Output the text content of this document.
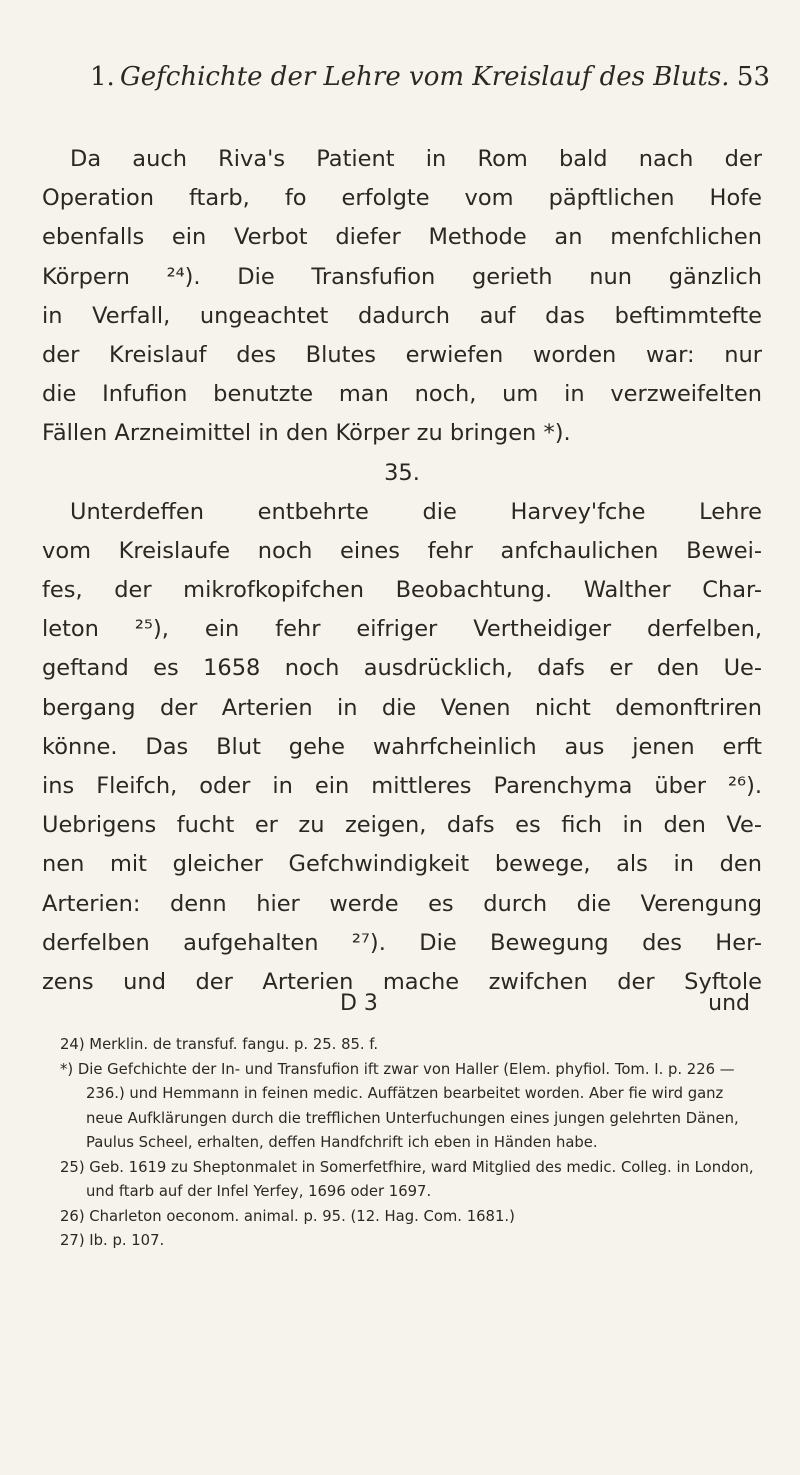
1. Gefchichte der Lehre vom Kreislauf des Bluts. 53
Da auch Riva's Patient in Rom bald nach der
Operation ftarb, fo erfolgte vom päpftlichen Hofe
ebenfalls ein Verbot diefer Methode an menfchlichen
Körpern ²⁴). Die Transfufion gerieth nun gänzlich
in Verfall, ungeachtet dadurch auf das beftimmtefte
der Kreislauf des Blutes erwiefen worden war: nur
die Infufion benutzte man noch, um in verzweifelten
Fällen Arzneimittel in den Körper zu bringen *).
35.
Unterdeffen entbehrte die Harvey'fche Lehre
vom Kreislaufe noch eines fehr anfchaulichen Bewei-
fes, der mikrofkopifchen Beobachtung. Walther Char-
leton ²⁵), ein fehr eifriger Vertheidiger derfelben,
geftand es 1658 noch ausdrücklich, dafs er den Ue-
bergang der Arterien in die Venen nicht demonftriren
könne. Das Blut gehe wahrfcheinlich aus jenen erft
ins Fleifch, oder in ein mittleres Parenchyma über ²⁶).
Uebrigens fucht er zu zeigen, dafs es fich in den Ve-
nen mit gleicher Gefchwindigkeit bewege, als in den
Arterien: denn hier werde es durch die Verengung
derfelben aufgehalten ²⁷). Die Bewegung des Her-
zens und der Arterien mache zwifchen der Syftole
D 3	und
24) Merklin. de transfuf. fangu. p. 25. 85. f.
*) Die Gefchichte der In- und Transfufion ift zwar von Haller (Elem. phyfiol. Tom. I. p. 226 — 236.) und Hemmann in feinen medic. Auffätzen bearbeitet worden. Aber fie wird ganz neue Aufklärungen durch die trefflichen Unterfuchungen eines jungen gelehrten Dänen, Paulus Scheel, erhalten, deffen Handfchrift ich eben in Händen habe.
25) Geb. 1619 zu Sheptonmalet in Somerfetfhire, ward Mitglied des medic. Colleg. in London, und ftarb auf der Infel Yerfey, 1696 oder 1697.
26) Charleton oeconom. animal. p. 95. (12. Hag. Com. 1681.)
27) Ib. p. 107.
